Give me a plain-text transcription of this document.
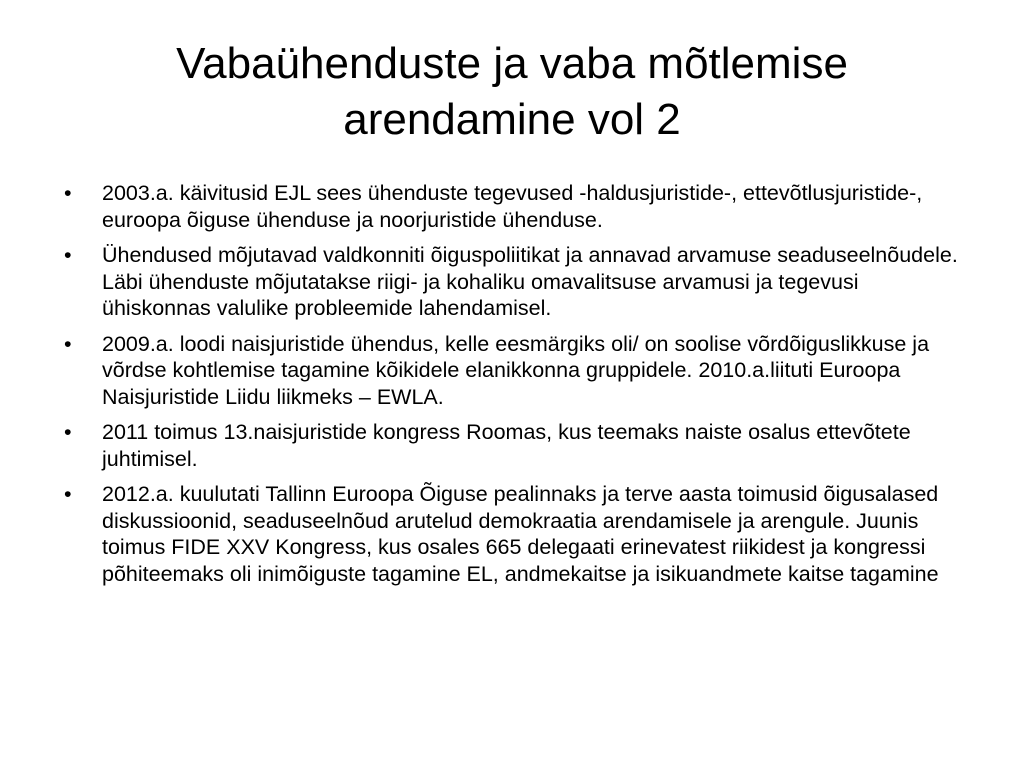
Vabaühenduste ja vaba mõtlemise arendamine vol 2
• 2003.a. käivitusid EJL sees ühenduste tegevused -haldusjuristide-, ettevõtlusjuristide-, euroopa õiguse ühenduse ja noorjuristide ühenduse.
• Ühendused mõjutavad valdkonniti õiguspoliitikat ja annavad arvamuse seaduseelnõudele. Läbi ühenduste mõjutatakse riigi- ja kohaliku omavalitsuse arvamusi ja tegevusi ühiskonnas valulike probleemide lahendamisel.
• 2009.a. loodi naisjuristide ühendus, kelle eesmärgiks oli/ on soolise võrdõiguslikkuse ja võrdse kohtlemise tagamine kõikidele elanikkonna gruppidele. 2010.a.liituti Euroopa Naisjuristide Liidu liikmeks – EWLA.
• 2011 toimus 13.naisjuristide kongress Roomas, kus teemaks naiste osalus ettevõtete juhtimisel.
• 2012.a. kuulutati Tallinn Euroopa Õiguse pealinnaks ja terve aasta toimusid õigusalased diskussioonid, seaduseelnõud arutelud demokraatia arendamisele ja arengule. Juunis toimus FIDE XXV Kongress, kus osales 665 delegaati erinevatest riikidest ja kongressi põhiteemaks oli inimõiguste tagamine EL, andmekaitse ja isikuandmete kaitse tagamine
